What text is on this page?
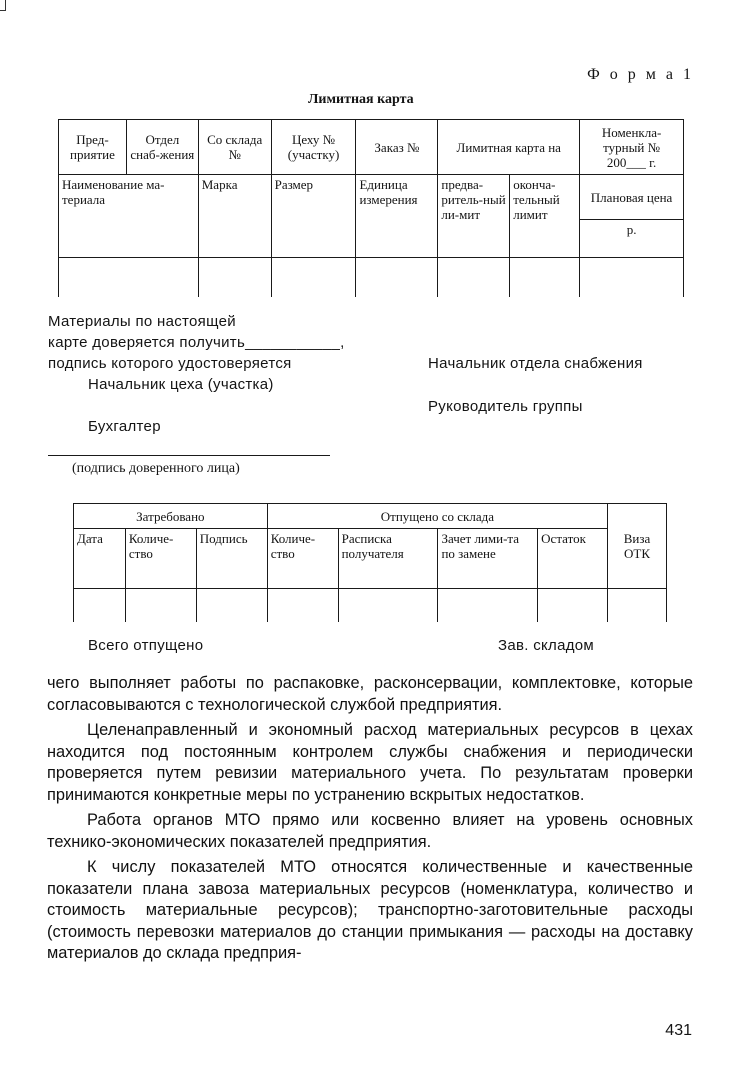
Ф о р м а 1
Лимитная карта
Пред-приятие	Отдел снаб-жения	Со склада №	Цеху № (участку)	Заказ №	Лимитная карта на		Номенкла-турный № 200___ г.
Наименование ма-териала		Марка	Размер	Единица измерения	предва-ритель-ный ли-мит	оконча-тельный лимит	Плановая цена
							р.

Материалы по настоящей
карте доверяется получить___________,
подпись которого удостоверяется
Начальник цеха (участка)
Бухгалтер
(подпись доверенного лица)
Начальник отдела снабжения
Руководитель группы
Затребовано			Отпущено со склада				Виза ОТК
Дата	Количе-ство	Подпись	Количе-ство	Расписка получателя	Зачет лими-та по замене	Остаток	

Всего отпущено	Зав. складом

чего выполняет работы по распаковке, расконсервации, комплектовке, которые согласовываются с технологической службой предприятия.

Целенаправленный и экономный расход материальных ресурсов в цехах находится под постоянным контролем службы снабжения и периодически проверяется путем ревизии материального учета. По результатам проверки принимаются конкретные меры по устранению вскрытых недостатков.

Работа органов МТО прямо или косвенно влияет на уровень основных технико-экономических показателей предприятия.

К числу показателей МТО относятся количественные и качественные показатели плана завоза материальных ресурсов (номенклатура, количество и стоимость материальные ресурсов); транспортно-заготовительные расходы (стоимость перевозки материалов до станции примыкания — расходы на доставку материалов до склада предприя-

431
